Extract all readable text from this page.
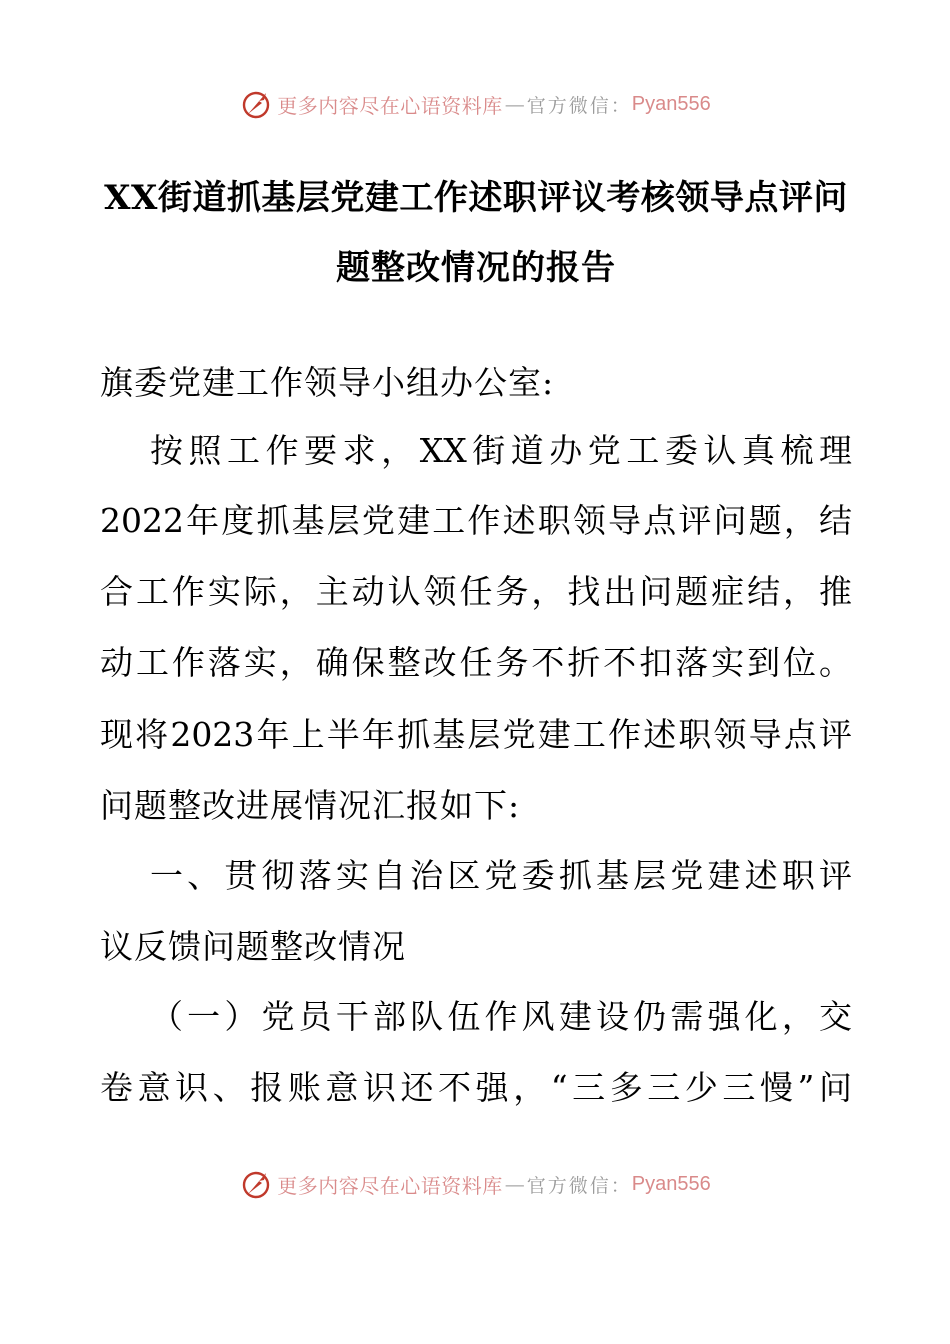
更多内容尽在心语资料库 — 官方微信： Pyan556
XX街道抓基层党建工作述职评议考核领导点评问
题整改情况的报告
旗委党建工作领导小组办公室:
按照工作要求，XX街道办党工委认真梳理
2022年度抓基层党建工作述职领导点评问题，结
合工作实际，主动认领任务，找出问题症结，推
动工作落实，确保整改任务不折不扣落实到位。
现将2023年上半年抓基层党建工作述职领导点评
问题整改进展情况汇报如下:
一、贯彻落实自治区党委抓基层党建述职评
议反馈问题整改情况
（一）党员干部队伍作风建设仍需强化，交
卷意识、报账意识还不强，“三多三少三慢”问
更多内容尽在心语资料库 — 官方微信： Pyan556
